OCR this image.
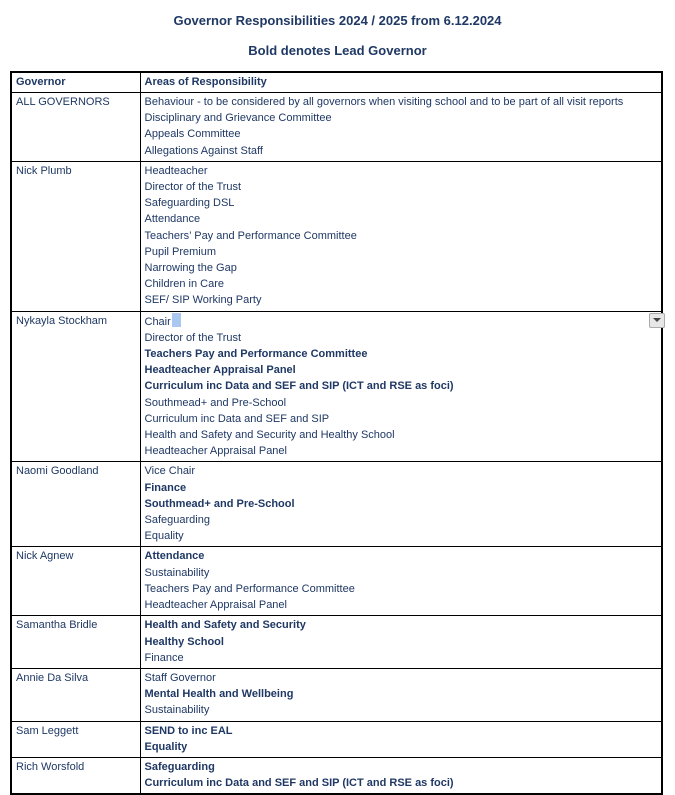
Governor Responsibilities 2024 / 2025 from 6.12.2024
Bold denotes Lead Governor
Governor	Areas of Responsibility
ALL GOVERNORS	Behaviour - to be considered by all governors when visiting school and to be part of all visit reports
Disciplinary and Grievance Committee
Appeals Committee
Allegations Against Staff

Nick Plumb	Headteacher
Director of the Trust
Safeguarding DSL
Attendance
Teachers’ Pay and Performance Committee
Pupil Premium
Narrowing the Gap
Children in Care
SEF/ SIP Working Party

Nykayla Stockham	Chair
Director of the Trust
Teachers Pay and Performance Committee
Headteacher Appraisal Panel
Curriculum inc Data and SEF and SIP (ICT and RSE as foci)
Southmead+ and Pre-School
Curriculum inc Data and SEF and SIP
Health and Safety and Security and Healthy School
Headteacher Appraisal Panel

Naomi Goodland	Vice Chair
Finance
Southmead+ and Pre-School
Safeguarding
Equality

Nick Agnew	Attendance
Sustainability
Teachers Pay and Performance Committee
Headteacher Appraisal Panel

Samantha Bridle	Health and Safety and Security
Healthy School
Finance

Annie Da Silva	Staff Governor
Mental Health and Wellbeing
Sustainability

Sam Leggett	SEND to inc EAL
Equality

Rich Worsfold	Safeguarding
Curriculum inc Data and SEF and SIP (ICT and RSE as foci)
